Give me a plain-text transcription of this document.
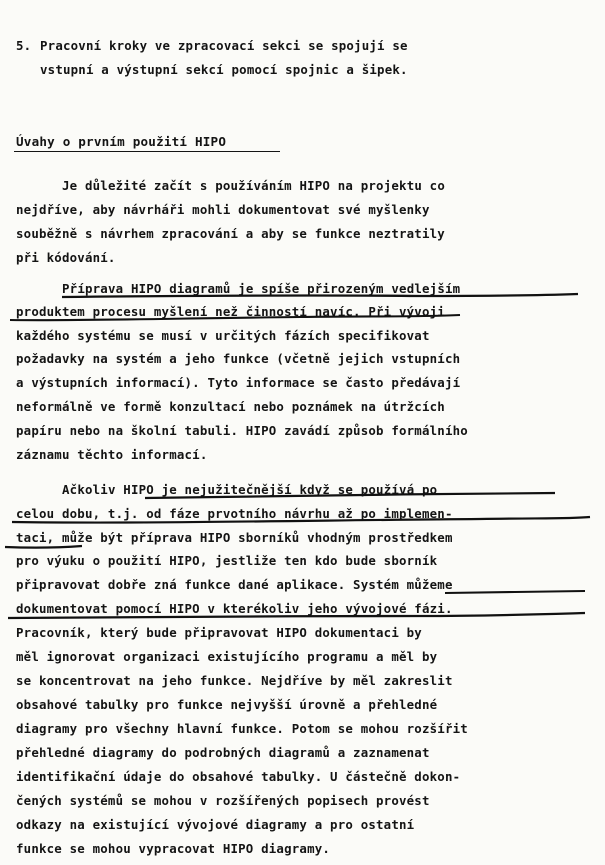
5. Pracovní kroky ve zpracovací sekci se spojují se
vstupní a výstupní sekcí pomocí spojnic a šipek.
Úvahy o prvním použití HIPO
Je důležité začít s používáním HIPO na projektu co
nejdříve, aby návrháři mohli dokumentovat své myšlenky
souběžně s návrhem zpracování a aby se funkce neztratily
při kódování.
Příprava HIPO diagramů je spíše přirozeným vedlejším
produktem procesu myšlení než činností navíc. Při vývoji
každého systému se musí v určitých fázích specifikovat
požadavky na systém a jeho funkce (včetně jejich vstupních
a výstupních informací). Tyto informace se často předávají
neformálně ve formě konzultací nebo poznámek na útržcích
papíru nebo na školní tabuli. HIPO zavádí způsob formálního
záznamu těchto informací.
Ačkoliv HIPO je nejužitečnější když se používá po
celou dobu, t.j. od fáze prvotního návrhu až po implemen-
taci, může být příprava HIPO sborníků vhodným prostředkem
pro výuku o použití HIPO, jestliže ten kdo bude sborník
připravovat dobře zná funkce dané aplikace. Systém můžeme
dokumentovat pomocí HIPO v kterékoliv jeho vývojové fázi.
Pracovník, který bude připravovat HIPO dokumentaci by
měl ignorovat organizaci existujícího programu a měl by
se koncentrovat na jeho funkce. Nejdříve by měl zakreslit
obsahové tabulky pro funkce nejvyšší úrovně a přehledné
diagramy pro všechny hlavní funkce. Potom se mohou rozšířit
přehledné diagramy do podrobných diagramů a zaznamenat
identifikační údaje do obsahové tabulky. U částečně dokon-
čených systémů se mohou v rozšířených popisech provést
odkazy na existující vývojové diagramy a pro ostatní
funkce se mohou vypracovat HIPO diagramy.
